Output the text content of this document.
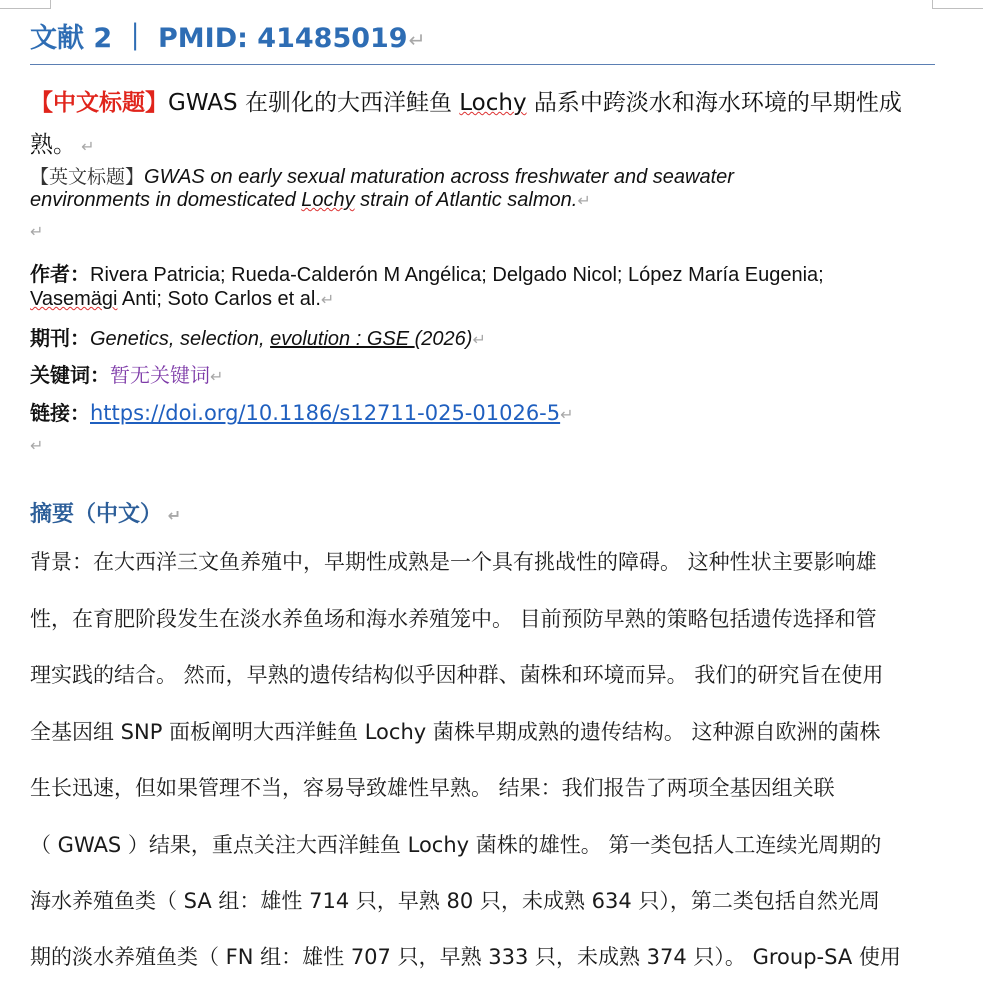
文献 2 ｜ PMID: 41485019↵
【中文标题】GWAS 在驯化的大西洋鲑鱼 Lochy 品系中跨淡水和海水环境的早期性成
熟。 ↵
【英文标题】GWAS on early sexual maturation across freshwater and seawater
environments in domesticated Lochy strain of Atlantic salmon.↵
↵
作者：Rivera Patricia; Rueda-Calderón M Angélica; Delgado Nicol; López María Eugenia;
Vasemägi Anti; Soto Carlos et al.↵
期刊：Genetics, selection, evolution : GSE (2026)↵
关键词：暂无关键词↵
链接：https://doi.org/10.1186/s12711-025-01026-5↵
↵
摘要（中文） ↵
背景：在大西洋三文鱼养殖中，早期性成熟是一个具有挑战性的障碍。 这种性状主要影响雄
性，在育肥阶段发生在淡水养鱼场和海水养殖笼中。 目前预防早熟的策略包括遗传选择和管
理实践的结合。 然而，早熟的遗传结构似乎因种群、菌株和环境而异。 我们的研究旨在使用
全基因组 SNP 面板阐明大西洋鲑鱼 Lochy 菌株早期成熟的遗传结构。 这种源自欧洲的菌株
生长迅速，但如果管理不当，容易导致雄性早熟。 结果：我们报告了两项全基因组关联
（ GWAS ）结果，重点关注大西洋鲑鱼 Lochy 菌株的雄性。 第一类包括人工连续光周期的
海水养殖鱼类（ SA 组：雄性 714 只，早熟 80 只，未成熟 634 只），第二类包括自然光周
期的淡水养殖鱼类（ FN 组：雄性 707 只，早熟 333 只，未成熟 374 只）。 Group-SA 使用
